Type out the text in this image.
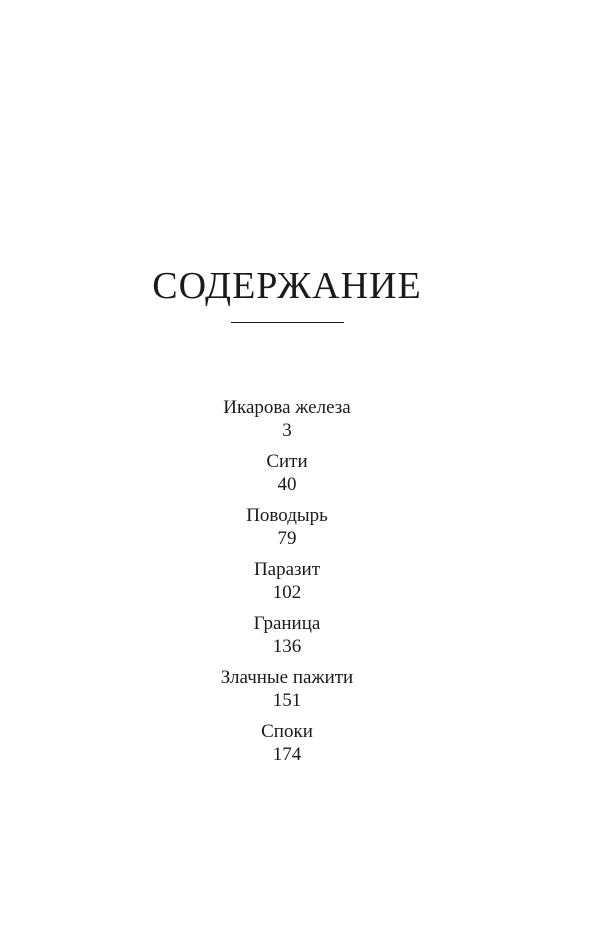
СОДЕРЖАНИЕ
Икарова железа
3
Сити
40
Поводырь
79
Паразит
102
Граница
136
Злачные пажити
151
Споки
174
